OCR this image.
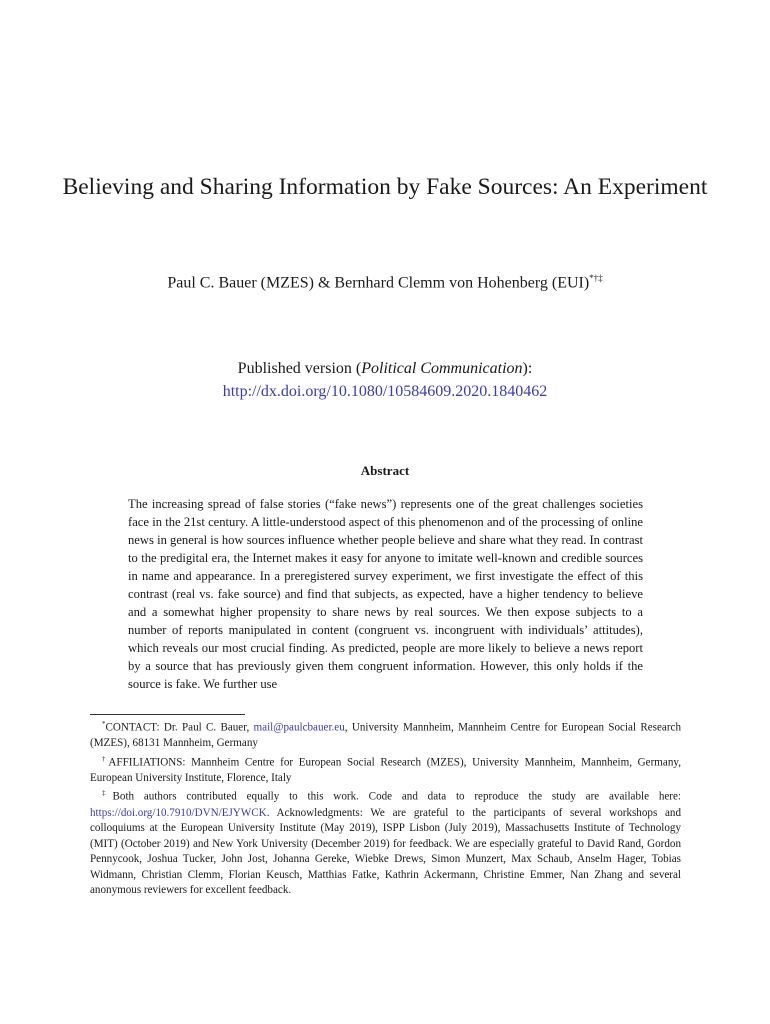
Believing and Sharing Information by Fake Sources: An Experiment
Paul C. Bauer (MZES) & Bernhard Clemm von Hohenberg (EUI)*†‡
Published version (Political Communication):
http://dx.doi.org/10.1080/10584609.2020.1840462
Abstract
The increasing spread of false stories (“fake news”) represents one of the great challenges societies face in the 21st century. A little-understood aspect of this phenomenon and of the processing of online news in general is how sources influence whether people believe and share what they read. In contrast to the predigital era, the Internet makes it easy for anyone to imitate well-known and credible sources in name and appearance. In a preregistered survey experiment, we first investigate the effect of this contrast (real vs. fake source) and find that subjects, as expected, have a higher tendency to believe and a somewhat higher propensity to share news by real sources. We then expose subjects to a number of reports manipulated in content (congruent vs. incongruent with individuals’ attitudes), which reveals our most crucial finding. As predicted, people are more likely to believe a news report by a source that has previously given them congruent information. However, this only holds if the source is fake. We further use

*CONTACT: Dr. Paul C. Bauer, mail@paulcbauer.eu, University Mannheim, Mannheim Centre for European Social Research (MZES), 68131 Mannheim, Germany

†AFFILIATIONS: Mannheim Centre for European Social Research (MZES), University Mannheim, Mannheim, Germany, European University Institute, Florence, Italy

‡Both authors contributed equally to this work. Code and data to reproduce the study are available here: https://doi.org/10.7910/DVN/EJYWCK. Acknowledgments: We are grateful to the participants of several workshops and colloquiums at the European University Institute (May 2019), ISPP Lisbon (July 2019), Massachusetts Institute of Technology (MIT) (October 2019) and New York University (December 2019) for feedback. We are especially grateful to David Rand, Gordon Pennycook, Joshua Tucker, John Jost, Johanna Gereke, Wiebke Drews, Simon Munzert, Max Schaub, Anselm Hager, Tobias Widmann, Christian Clemm, Florian Keusch, Matthias Fatke, Kathrin Ackermann, Christine Emmer, Nan Zhang and several anonymous reviewers for excellent feedback.
